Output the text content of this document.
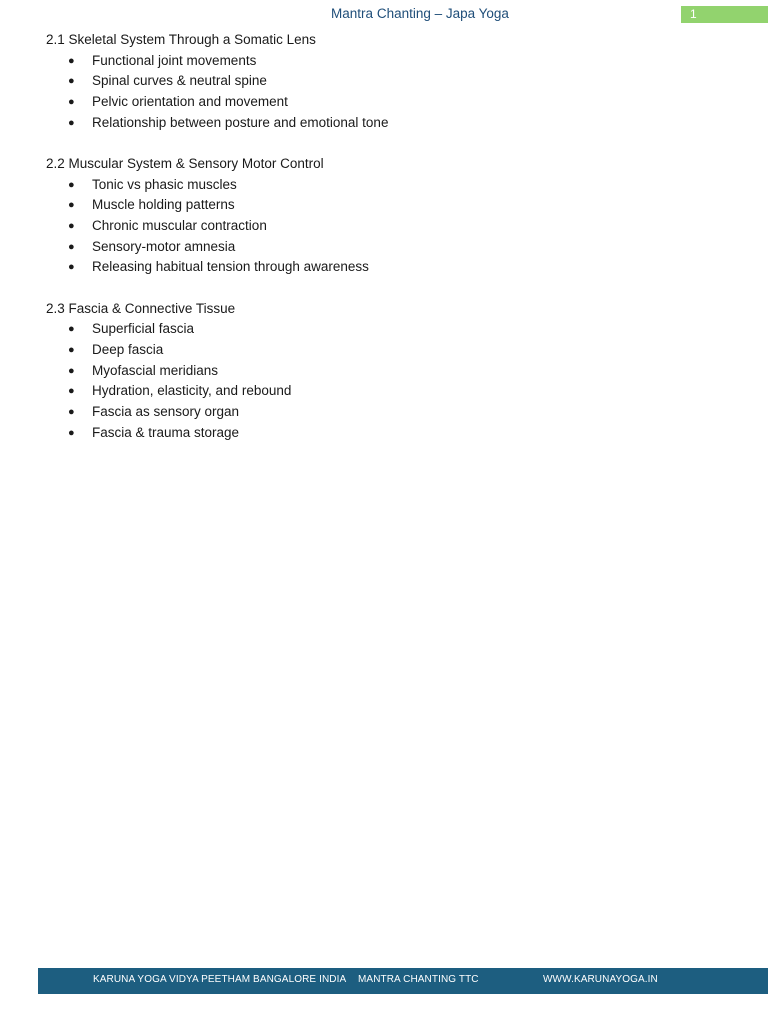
Mantra Chanting – Japa Yoga	1
2.1 Skeletal System Through a Somatic Lens
● Functional joint movements
● Spinal curves & neutral spine
● Pelvic orientation and movement
● Relationship between posture and emotional tone
2.2 Muscular System & Sensory Motor Control
● Tonic vs phasic muscles
● Muscle holding patterns
● Chronic muscular contraction
● Sensory-motor amnesia
● Releasing habitual tension through awareness
2.3 Fascia & Connective Tissue
● Superficial fascia
● Deep fascia
● Myofascial meridians
● Hydration, elasticity, and rebound
● Fascia as sensory organ
● Fascia & trauma storage
KARUNA YOGA VIDYA PEETHAM BANGALORE INDIA MANTRA CHANTING TTC	WWW.KARUNAYOGA.IN
